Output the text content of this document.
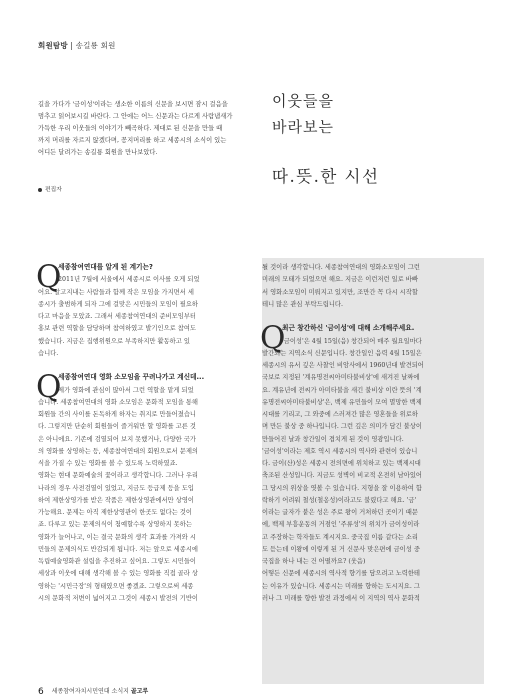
회원탐방 | 송길룡 회원
길을 가다가 '금이성'이라는 생소한 이름의 신문을 보시면 잠시 걸음을
멈추고 읽어보시길 바란다. 그 안에는 어느 신문과는 다르게 사람냄새가
가득한 우리 이웃들의 이야기가 빼곡하다. 제대로 된 신문을 만들 때
까지 머리를 자르지 않겠다며, 꽁지머리를 하고 세종시의 소식이 있는
어디든 달려가는 송길룡 회원을 만나보았다.
편집자
이웃들을
바라보는
따.뜻.한 시선
Q
세종참여연대를 알게 된 계기는?
2011년 7월에 서울에서 세종시로 이사를 오게 되었
어요. 알고지내는 사람들과 함께 작은 모임을 가지면서 세
종시가 출범하게 되자 그에 걸맞은 시민들의 모임이 필요하
다고 마음을 모았죠. 그래서 세종참여연대의 준비모임부터
홍보 관련 역할을 담당하며 참여하였고 발기인으로 참여도
했습니다. 지금은 집행위원으로 부족하지만 활동하고 있
습니다.
Q
세종참여연대 영화 소모임을 꾸려나가고 계신데...
제가 영화에 관심이 많아서 그런 역할을 맡게 되었
습니다. 세종참여연대의 영화 소모임은 문화적 모임을 통해
회원들 간의 사이를 돈독하게 하자는 취지로 만들어졌습니
다. 그렇지만 단순히 회원들이 즐거워만 할 영화를 고른 것
은 아니에요. 기존에 검열되어 보지 못했거나, 다양한 국가
의 영화를 상영하는 등, 세종참여연대의 회원으로서 문제의
식을 가질 수 있는 영화를 볼 수 있도록 노력하였죠.
영화는 현대 문화예술의 꽃이라고 생각합니다. 그러나 우리
나라의 경우 사전검열이 있었고, 지금도 등급제 등을 도입
하여 제한상영가를 받은 작품은 제한상영관에서만 상영이
가능해요. 문제는 아직 제한상영관이 한곳도 없다는 것이
죠. 다루고 있는 문제의식이 첨예할수록 상영하지 못하는
영화가 늘어나고, 이는 결국 문화의 생각 효과를 가져와 시
민들의 문제의식도 반감되게 됩니다. 저는 앞으로 세종시에
독립예술영화관 설립을 추진하고 싶어요. 그렇도 시민들이
세상과 이웃에 대해 생각해 볼 수 있는 영화를 직접 골라 상
영하는 '시민극장'의 형태였으면 좋겠죠. 그렇으로써 세종
시의 문화적 저변이 넓어지고 그것이 세종시 발전의 기반이
될 것이라 생각합니다. 세종참여연대의 영화소모임이 그런
미래의 모태가 되었으면 해요. 지금은 이런저런 일로 바빠
서 영화소모임이 미뤄지고 있지만, 조만간 꼭 다시 시작할
테니 많은 관심 부탁드립니다.
Q
최근 창간하신 '금이성'에 대해 소개해주세요.
'금이성'은 4월 15일(음) 창간되어 매주 월요일마다
발간되는 지역소식 신문입니다. 창간일인 음력 4월 15일은
세종시의 유서 깊은 사찰인 비암사에서 1960년대 발견되어
국보로 지정된 '계유명전씨아미타불비상'에 새겨진 날짜에
요. 계유년에 전씨가 아미타불을 새긴 불비상 이란 뜻의 '계
유명전씨아미타불비상'은, 백제 유민들이 모여 멸망한 백제
시대를 기리고, 그 와중에 스러져간 많은 영혼들을 위로하
며 만든 불상 중 하나입니다. 그런 깊은 의미가 담긴 불상이
만들어진 날과 창간일이 겹치게 된 것이 영광입니다.
'금이성'이라는 제호 역시 세종시의 역사와 관련이 있습니
다. 금이(산)성은 세종시 전의면에 위치하고 있는 백제시대
축조된 산성입니다. 지금도 성벽이 비교적 온전히 남아있어
그 당시의 위상을 엿볼 수 있습니다. 지형을 잘 이용하여 함
락하기 어려워 철성(철옹성)이라고도 불렸다고 해요. '금'
이라는 글자가 붙은 성은 주로 왕이 거처하던 곳이기 때문
에, 백제 부흥운동의 거점인 '주류성'의 위치가 금이성이라
고 주장하는 학자들도 계시지요. 중국집 이름 같다는 소리
도 듣는데 이왕에 이렇게 된 거 신문사 맞은편에 금이성 중
국집을 하나 내는 건 어떨까요? (웃음)
어떻든 신문에 세종시의 역사적 향기를 담으려고 노력한테
는 이유가 있습니다. 세종시는 미래를 향하는 도시지요. 그
러나 그 미래를 향한 발전 과정에서 이 지역의 역사 문화적
6 세종참여자치시민연대 소식지 골고루
